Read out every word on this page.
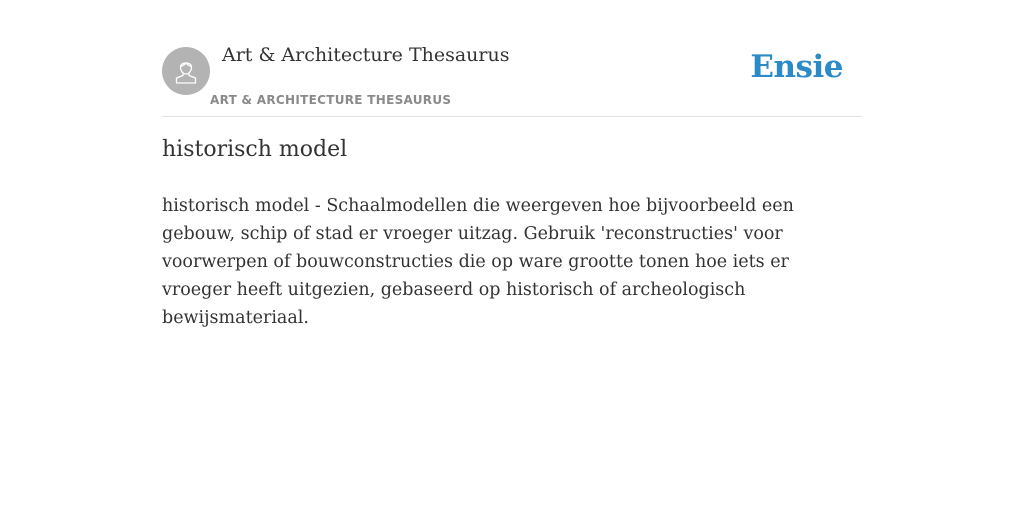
Art & Architecture Thesaurus
ART & ARCHITECTURE THESAURUS
Ensie
historisch model

historisch model - Schaalmodellen die weergeven hoe bijvoorbeeld een gebouw, schip of stad er vroeger uitzag. Gebruik 'reconstructies' voor voorwerpen of bouwconstructies die op ware grootte tonen hoe iets er vroeger heeft uitgezien, gebaseerd op historisch of archeologisch bewijsmateriaal.
